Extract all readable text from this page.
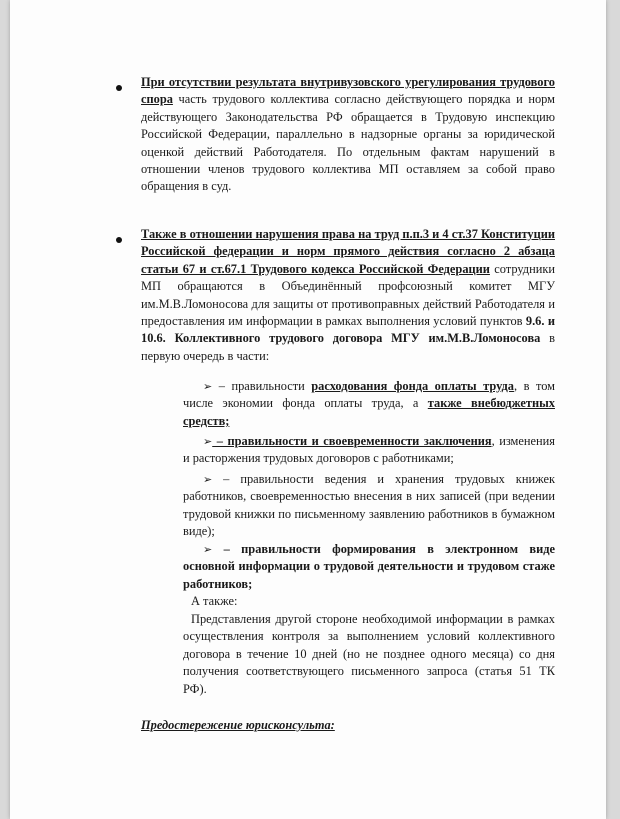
При отсутствии результата внутривузовского урегулирования трудового спора часть трудового коллектива согласно действующего порядка и норм действующего Законодательства РФ обращается в Трудовую инспекцию Российской Федерации, параллельно в надзорные органы за юридической оценкой действий Работодателя. По отдельным фактам нарушений в отношении членов трудового коллектива МП оставляем за собой право обращения в суд.
Также в отношении нарушения права на труд п.п.3 и 4 ст.37 Конституции Российской федерации и норм прямого действия согласно 2 абзаца статьи 67 и ст.67.1 Трудового кодекса Российской Федерации сотрудники МП обращаются в Объединённый профсоюзный комитет МГУ им.М.В.Ломоносова для защиты от противоправных действий Работодателя и предоставления им информации в рамках выполнения условий пунктов 9.6. и 10.6. Коллективного трудового договора МГУ им.М.В.Ломоносова в первую очередь в части:
➢ – правильности расходования фонда оплаты труда, в том числе экономии фонда оплаты труда, а также внебюджетных средств;
➢ – правильности и своевременности заключения, изменения и расторжения трудовых договоров с работниками;
➢ – правильности ведения и хранения трудовых книжек работников, своевременностью внесения в них записей (при ведении трудовой книжки по письменному заявлению работников в бумажном виде);
➢ – правильности формирования в электронном виде основной информации о трудовой деятельности и трудовом стаже работников;
А также:
Представления другой стороне необходимой информации в рамках осуществления контроля за выполнением условий коллективного договора в течение 10 дней (но не позднее одного месяца) со дня получения соответствующего письменного запроса (статья 51 ТК РФ).
Предостережение юрисконсульта:
